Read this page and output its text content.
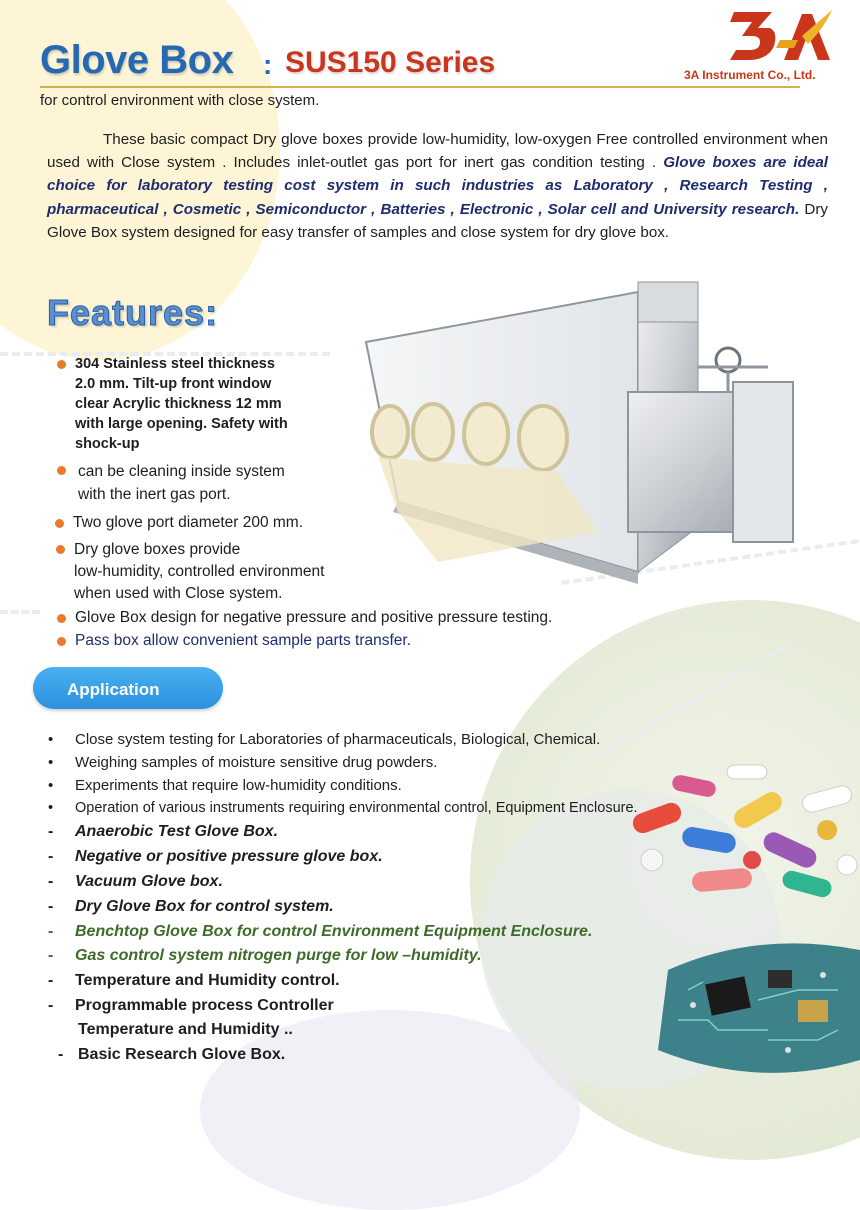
Glove Box : SUS150 Series	3A Instrument Co., Ltd.
for control environment with close system.
These basic compact Dry glove boxes provide low-humidity, low-oxygen Free controlled environment when used with Close system . Includes inlet-outlet gas port for inert gas condition testing . Glove boxes are ideal choice for laboratory testing cost system in such industries as Laboratory , Research Testing , pharmaceutical , Cosmetic , Semiconductor , Batteries , Electronic , Solar cell and University research. Dry Glove Box system designed for easy transfer of samples and close system for dry glove box.
Features:
304 Stainless steel thickness
2.0 mm. Tilt-up front window
clear Acrylic thickness 12 mm
with large opening. Safety with
shock-up
can be cleaning inside system
with the inert gas port.
Two glove port diameter 200 mm.
Dry glove boxes provide
low-humidity, controlled environment
when used with Close system.
Glove Box design for negative pressure and positive pressure testing.
Pass box allow convenient sample parts transfer.
Application
• Close system testing for Laboratories of pharmaceuticals, Biological, Chemical.
• Weighing samples of moisture sensitive drug powders.
• Experiments that require low-humidity conditions.
• Operation of various instruments requiring environmental control, Equipment Enclosure.
- Anaerobic Test Glove Box.
- Negative or positive pressure glove box.
- Vacuum Glove box.
- Dry Glove Box for control system.
- Benchtop Glove Box for control Environment Equipment Enclosure.
- Gas control system nitrogen purge for low –humidity.
- Temperature and Humidity control.
- Programmable process Controller
Temperature and Humidity ..
- Basic Research Glove Box.
